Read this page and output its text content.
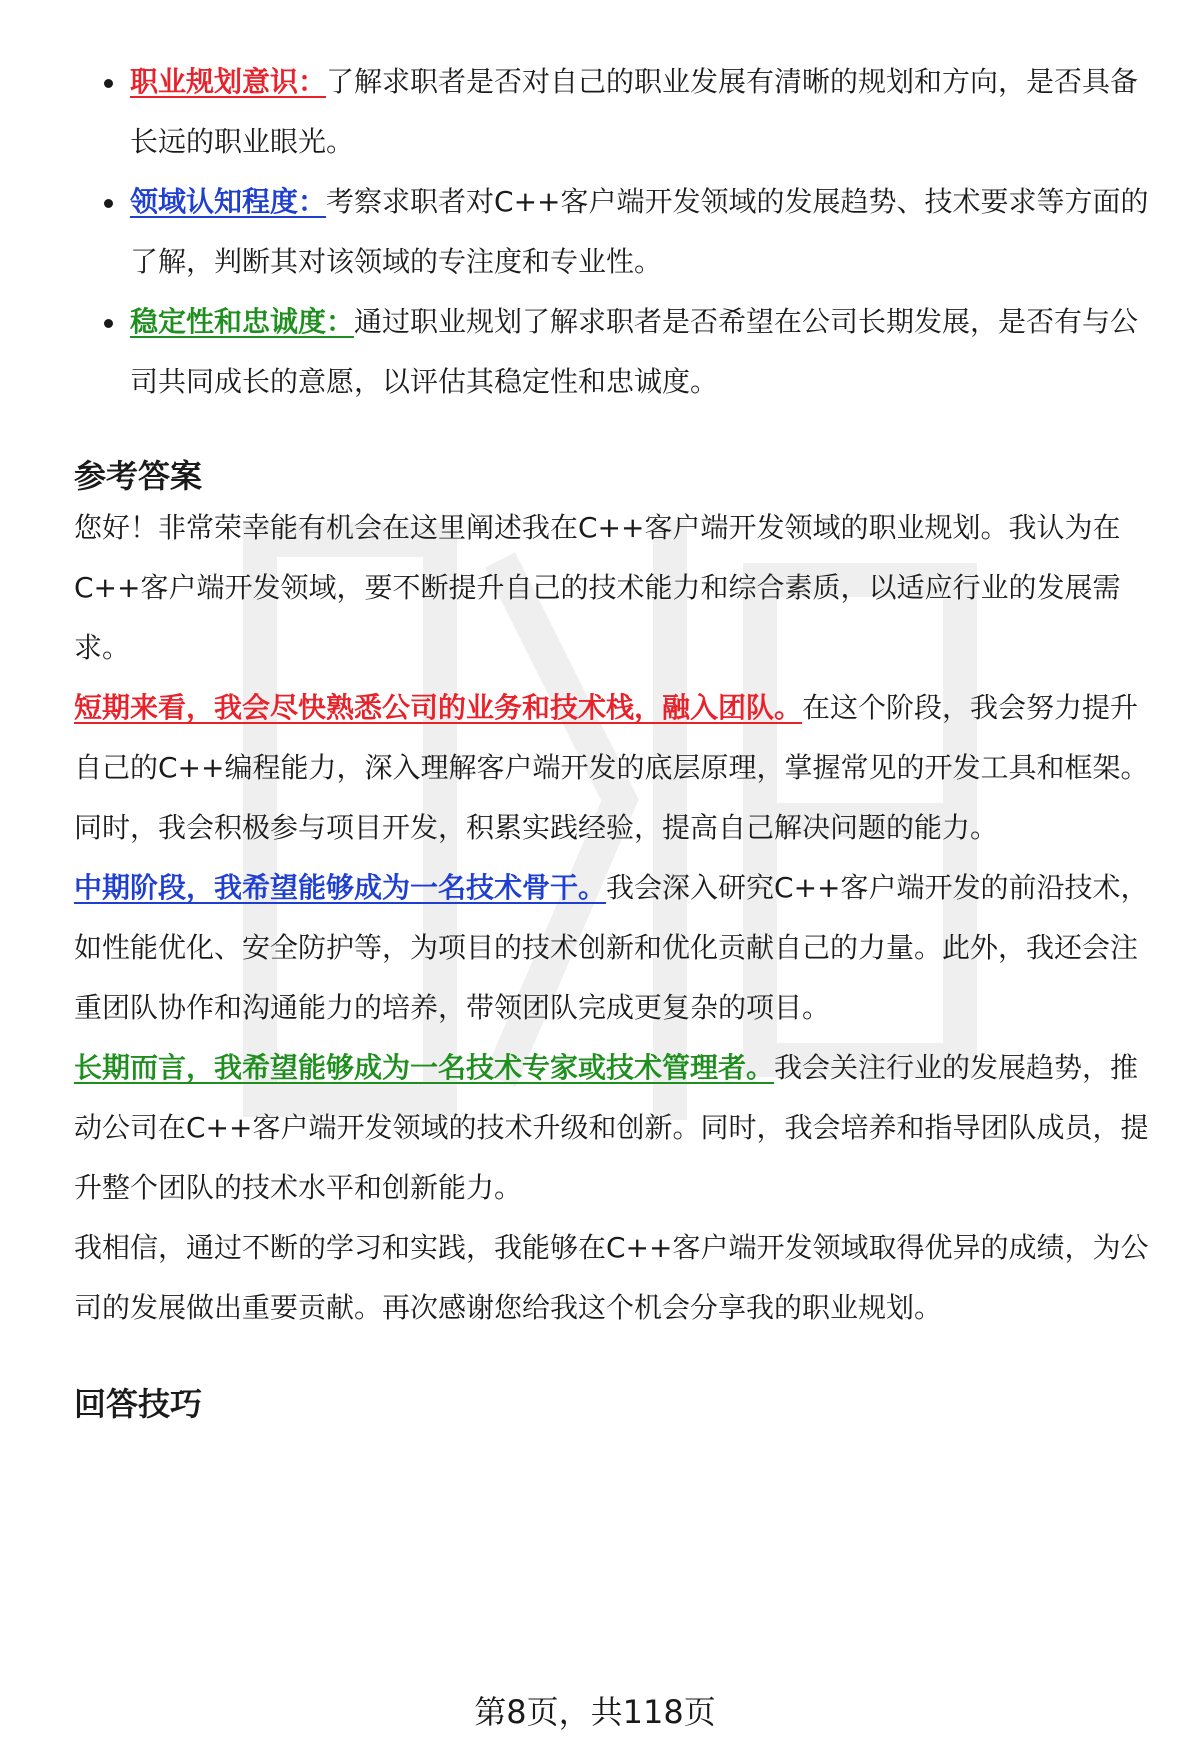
职业规划意识：了解求职者是否对自己的职业发展有清晰的规划和方向，是否具备长远的职业眼光。
领域认知程度：考察求职者对C++客户端开发领域的发展趋势、技术要求等方面的了解，判断其对该领域的专注度和专业性。
稳定性和忠诚度：通过职业规划了解求职者是否希望在公司长期发展，是否有与公司共同成长的意愿，以评估其稳定性和忠诚度。
参考答案

您好！非常荣幸能有机会在这里阐述我在C++客户端开发领域的职业规划。我认为在C++客户端开发领域，要不断提升自己的技术能力和综合素质，以适应行业的发展需求。

短期来看，我会尽快熟悉公司的业务和技术栈，融入团队。在这个阶段，我会努力提升自己的C++编程能力，深入理解客户端开发的底层原理，掌握常见的开发工具和框架。同时，我会积极参与项目开发，积累实践经验，提高自己解决问题的能力。

中期阶段，我希望能够成为一名技术骨干。我会深入研究C++客户端开发的前沿技术，如性能优化、安全防护等，为项目的技术创新和优化贡献自己的力量。此外，我还会注重团队协作和沟通能力的培养，带领团队完成更复杂的项目。

长期而言，我希望能够成为一名技术专家或技术管理者。我会关注行业的发展趋势，推动公司在C++客户端开发领域的技术升级和创新。同时，我会培养和指导团队成员，提升整个团队的技术水平和创新能力。

我相信，通过不断的学习和实践，我能够在C++客户端开发领域取得优异的成绩，为公司的发展做出重要贡献。再次感谢您给我这个机会分享我的职业规划。

回答技巧
第8页，共118页
